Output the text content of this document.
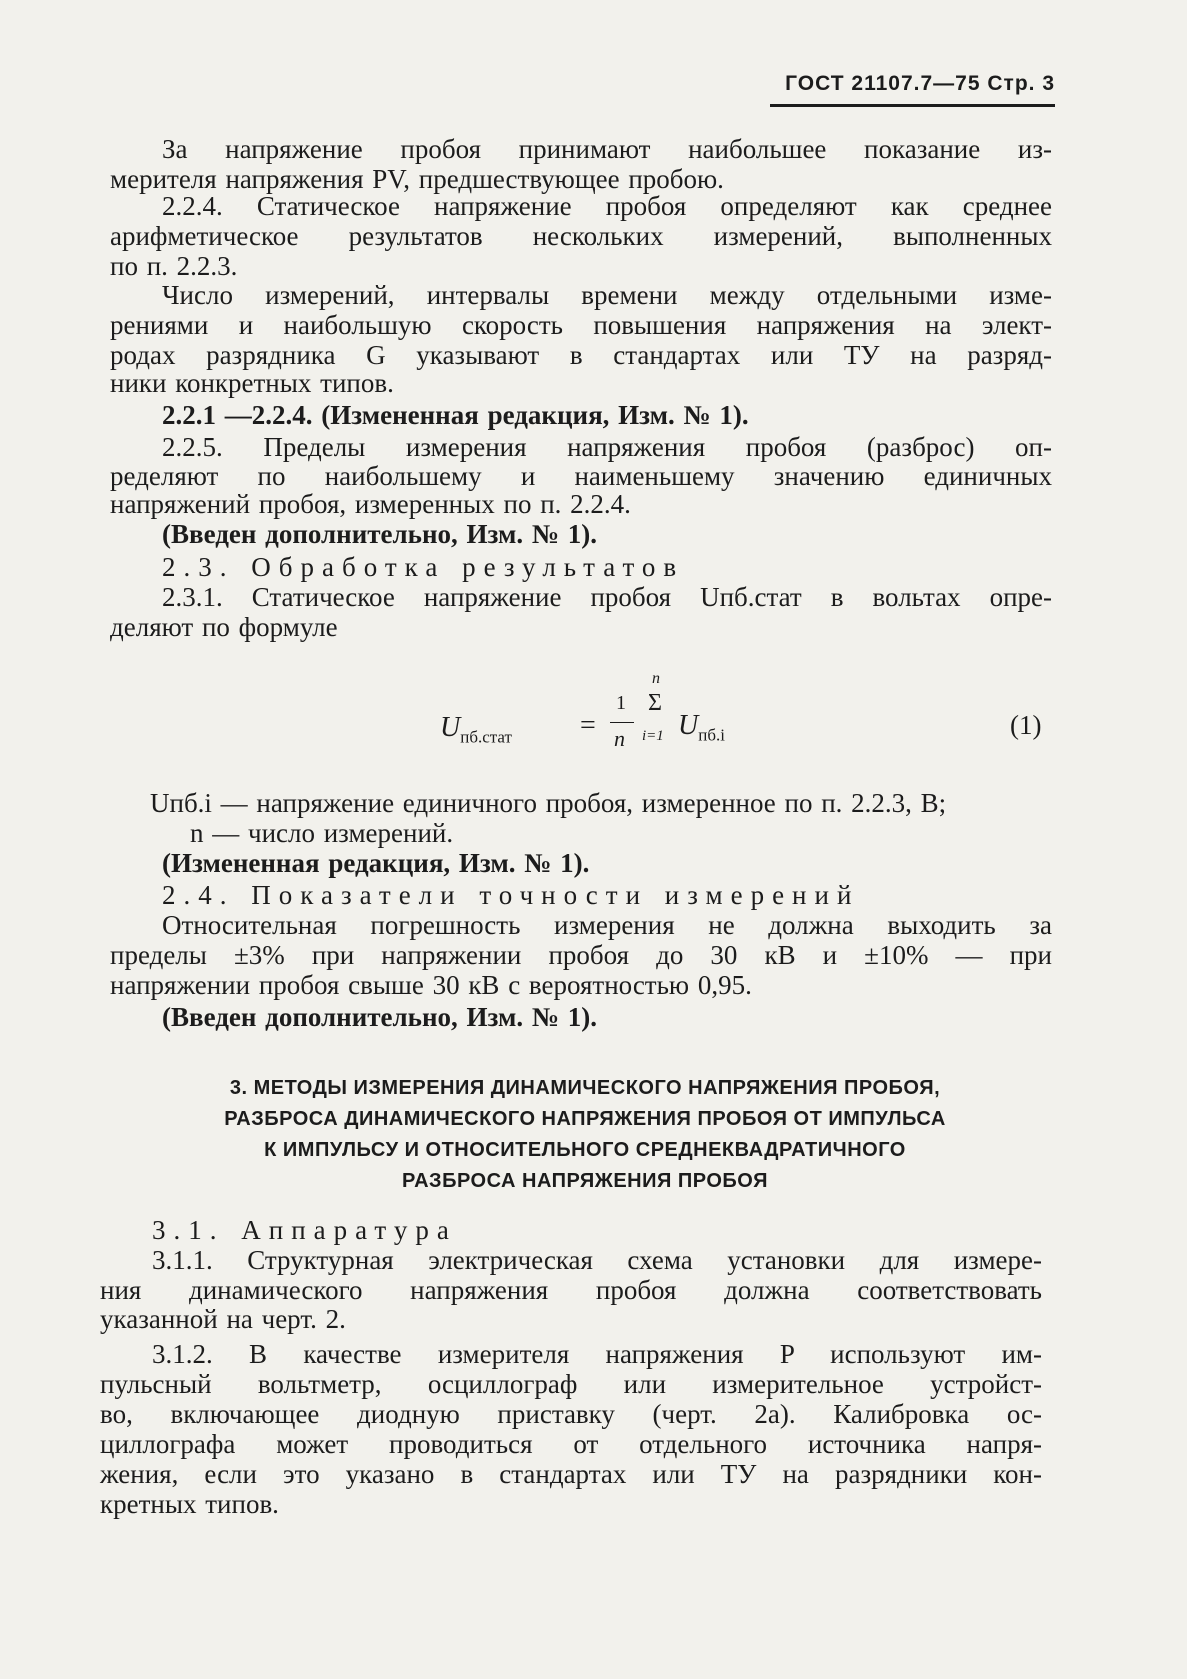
ГОСТ 21107.7—75 Стр. 3
За напряжение пробоя принимают наибольшее показание из-
мерителя напряжения PV, предшествующее пробою.
2.2.4. Статическое напряжение пробоя определяют как среднее
арифметическое результатов нескольких измерений, выполненных
по п. 2.2.3.
Число измерений, интервалы времени между отдельными изме-
рениями и наибольшую скорость повышения напряжения на элект-
родах разрядника G указывают в стандартах или ТУ на разряд-
ники конкретных типов.
2.2.1 —2.2.4. (Измененная редакция, Изм. № 1).
2.2.5. Пределы измерения напряжения пробоя (разброс) оп-
ределяют по наибольшему и наименьшему значению единичных
напряжений пробоя, измеренных по п. 2.2.4.
(Введен дополнительно, Изм. № 1).
2.3. Обработка результатов
2.3.1. Статическое напряжение пробоя Uпб.стат в вольтах опре-
деляют по формуле
$U_{пб.стат}$ =
1
n
n
Σ
i=1 $U_{пб.i}$	(1)
Uпб.i — напряжение единичного пробоя, измеренное по п. 2.2.3, В;
n — число измерений.
(Измененная редакция, Изм. № 1).
2.4. Показатели точности измерений
Относительная погрешность измерения не должна выходить за
пределы ±3% при напряжении пробоя до 30 кВ и ±10% — при
напряжении пробоя свыше 30 кВ с вероятностью 0,95.
(Введен дополнительно, Изм. № 1).
3. МЕТОДЫ ИЗМЕРЕНИЯ ДИНАМИЧЕСКОГО НАПРЯЖЕНИЯ ПРОБОЯ,
РАЗБРОСА ДИНАМИЧЕСКОГО НАПРЯЖЕНИЯ ПРОБОЯ ОТ ИМПУЛЬСА
К ИМПУЛЬСУ И ОТНОСИТЕЛЬНОГО СРЕДНЕКВАДРАТИЧНОГО
РАЗБРОСА НАПРЯЖЕНИЯ ПРОБОЯ
3.1. Аппаратура
3.1.1. Структурная электрическая схема установки для измере-
ния динамического напряжения пробоя должна соответствовать
указанной на черт. 2.
3.1.2. В качестве измерителя напряжения P используют им-
пульсный вольтметр, осциллограф или измерительное устройст-
во, включающее диодную приставку (черт. 2а). Калибровка ос-
циллографа может проводиться от отдельного источника напря-
жения, если это указано в стандартах или ТУ на разрядники кон-
кретных типов.
